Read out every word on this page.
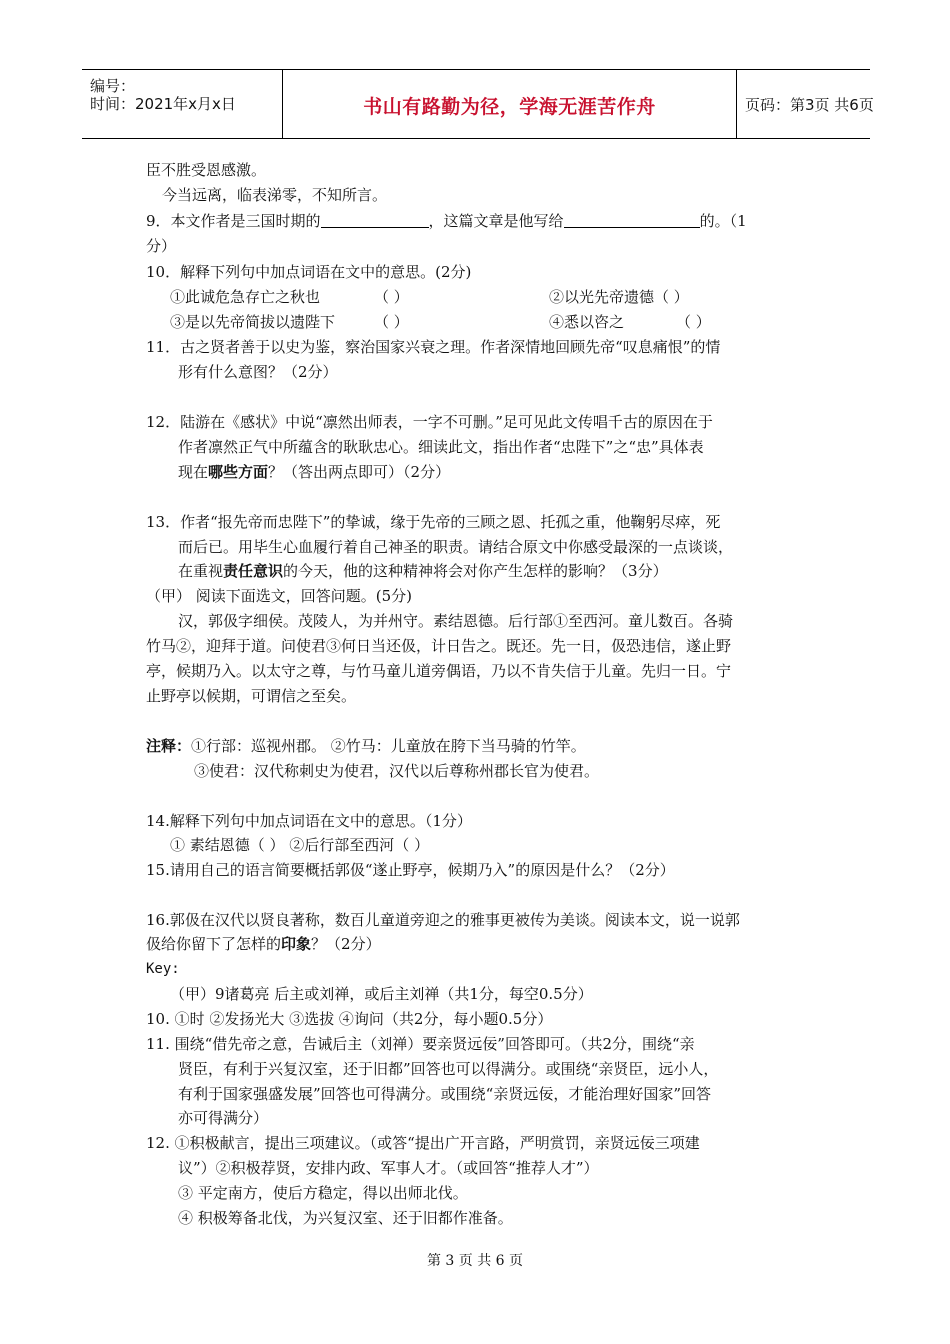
编号：
时间：2021年x月x日	书山有路勤为径，学海无涯苦作舟	页码：第3页 共6页
臣不胜受恩感激。
今当远离，临表涕零，不知所言。
9．本文作者是三国时期的	，这篇文章是他写给	的。（1
分）
10．解释下列句中加点词语在文中的意思。(2分)
①此诚危急存亡之秋也	（ ）	②以光先帝遗德（ ）
③是以先帝简拔以遗陛下	（ ）	④悉以咨之	（ ）
11．古之贤者善于以史为鉴，察治国家兴衰之理。作者深情地回顾先帝“叹息痛恨”的情
形有什么意图？（2分）
12．陆游在《感状》中说“凛然出师表，一字不可删。”足可见此文传唱千古的原因在于
作者凛然正气中所蕴含的耿耿忠心。细读此文，指出作者“忠陛下”之“忠”具体表
现在哪些方面？（答出两点即可）（2分）
13．作者“报先帝而忠陛下”的挚诚，缘于先帝的三顾之恩、托孤之重，他鞠躬尽瘁，死
而后已。用毕生心血履行着自己神圣的职责。请结合原文中你感受最深的一点谈谈，
在重视责任意识的今天，他的这种精神将会对你产生怎样的影响？（3分）
（甲） 阅读下面选文，回答问题。(5分)
汉，郭伋字细侯。茂陵人，为并州守。素结恩德。后行部①至西河。童儿数百。各骑
竹马②，迎拜于道。问使君③何日当还伋，计日告之。既还。先一日，伋恐违信，遂止野
亭，候期乃入。以太守之尊，与竹马童儿道旁偶语，乃以不肯失信于儿童。先归一日。宁
止野亭以候期，可谓信之至矣。
注释：①行部：巡视州郡。 ②竹马：儿童放在胯下当马骑的竹竿。
③使君：汉代称刺史为使君，汉代以后尊称州郡长官为使君。
14.解释下列句中加点词语在文中的意思。（1分）
① 素结恩德（ ） ②后行部至西河（ ）
15.请用自己的语言简要概括郭伋“遂止野亭，候期乃入”的原因是什么？（2分）
16.郭伋在汉代以贤良著称，数百儿童道旁迎之的雅事更被传为美谈。阅读本文，说一说郭
伋给你留下了怎样的印象？（2分）
Key:
（甲）9诸葛亮 后主或刘禅，或后主刘禅（共1分，每空0.5分）
10. ①时 ②发扬光大 ③选拔 ④询问（共2分，每小题0.5分）
11. 围绕“借先帝之意，告诫后主（刘禅）要亲贤远佞”回答即可。（共2分，围绕“亲
贤臣，有利于兴复汉室，还于旧都”回答也可以得满分。或围绕“亲贤臣，远小人，
有利于国家强盛发展”回答也可得满分。或围绕“亲贤远佞，才能治理好国家”回答
亦可得满分）
12. ①积极献言，提出三项建议。（或答“提出广开言路，严明赏罚，亲贤远佞三项建
议”）②积极荐贤，安排内政、军事人才。（或回答“推荐人才”）
③ 平定南方，使后方稳定，得以出师北伐。
④ 积极筹备北伐，为兴复汉室、还于旧都作准备。
第 3 页 共 6 页
